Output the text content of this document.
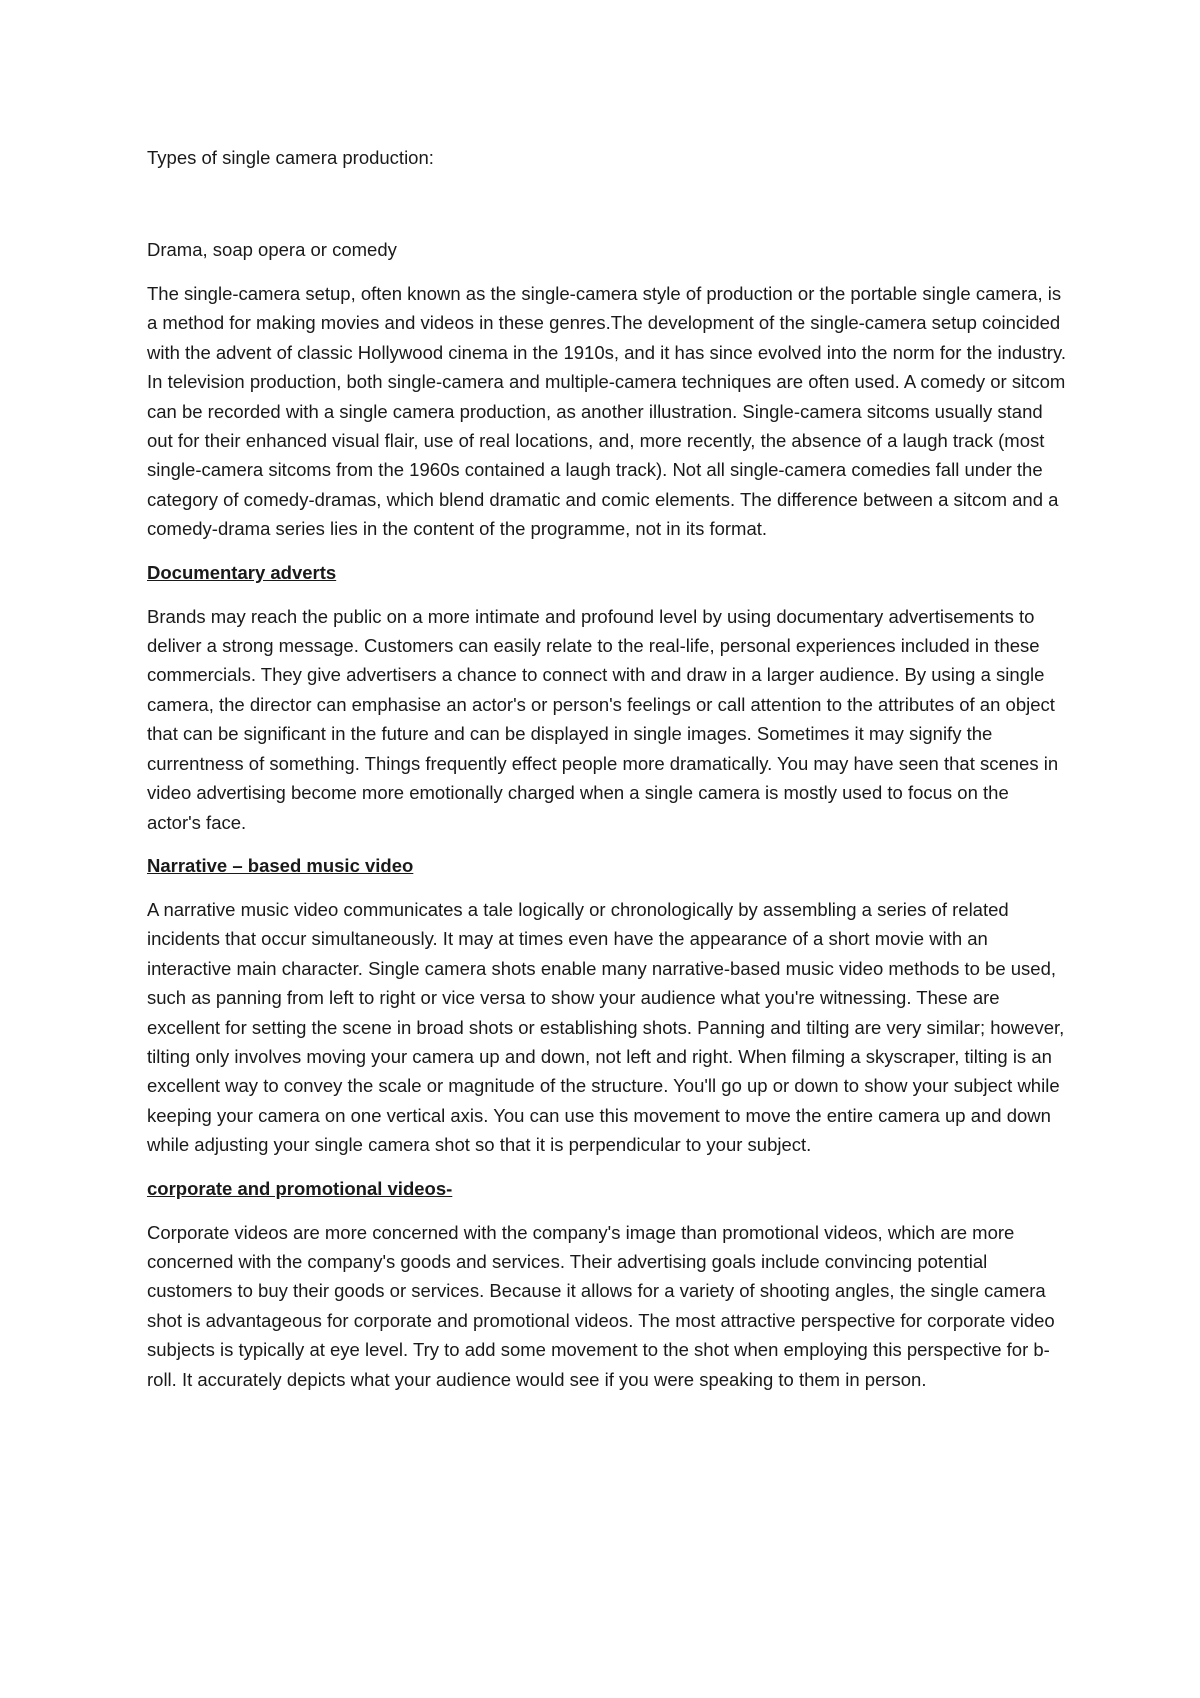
Types of single camera production:

Drama, soap opera or comedy

The single-camera setup, often known as the single-camera style of production or the portable single camera, is a method for making movies and videos in these genres.The development of the single-camera setup coincided with the advent of classic Hollywood cinema in the 1910s, and it has since evolved into the norm for the industry. In television production, both single-camera and multiple-camera techniques are often used. A comedy or sitcom can be recorded with a single camera production, as another illustration. Single-camera sitcoms usually stand out for their enhanced visual flair, use of real locations, and, more recently, the absence of a laugh track (most single-camera sitcoms from the 1960s contained a laugh track). Not all single-camera comedies fall under the category of comedy-dramas, which blend dramatic and comic elements. The difference between a sitcom and a comedy-drama series lies in the content of the programme, not in its format.

Documentary adverts

Brands may reach the public on a more intimate and profound level by using documentary advertisements to deliver a strong message. Customers can easily relate to the real-life, personal experiences included in these commercials. They give advertisers a chance to connect with and draw in a larger audience. By using a single camera, the director can emphasise an actor's or person's feelings or call attention to the attributes of an object that can be significant in the future and can be displayed in single images. Sometimes it may signify the currentness of something. Things frequently effect people more dramatically. You may have seen that scenes in video advertising become more emotionally charged when a single camera is mostly used to focus on the actor's face.

Narrative – based music video

A narrative music video communicates a tale logically or chronologically by assembling a series of related incidents that occur simultaneously. It may at times even have the appearance of a short movie with an interactive main character. Single camera shots enable many narrative-based music video methods to be used, such as panning from left to right or vice versa to show your audience what you're witnessing. These are excellent for setting the scene in broad shots or establishing shots. Panning and tilting are very similar; however, tilting only involves moving your camera up and down, not left and right. When filming a skyscraper, tilting is an excellent way to convey the scale or magnitude of the structure. You'll go up or down to show your subject while keeping your camera on one vertical axis. You can use this movement to move the entire camera up and down while adjusting your single camera shot so that it is perpendicular to your subject.

corporate and promotional videos-

Corporate videos are more concerned with the company's image than promotional videos, which are more concerned with the company's goods and services. Their advertising goals include convincing potential customers to buy their goods or services. Because it allows for a variety of shooting angles, the single camera shot is advantageous for corporate and promotional videos. The most attractive perspective for corporate video subjects is typically at eye level. Try to add some movement to the shot when employing this perspective for b-roll. It accurately depicts what your audience would see if you were speaking to them in person.
